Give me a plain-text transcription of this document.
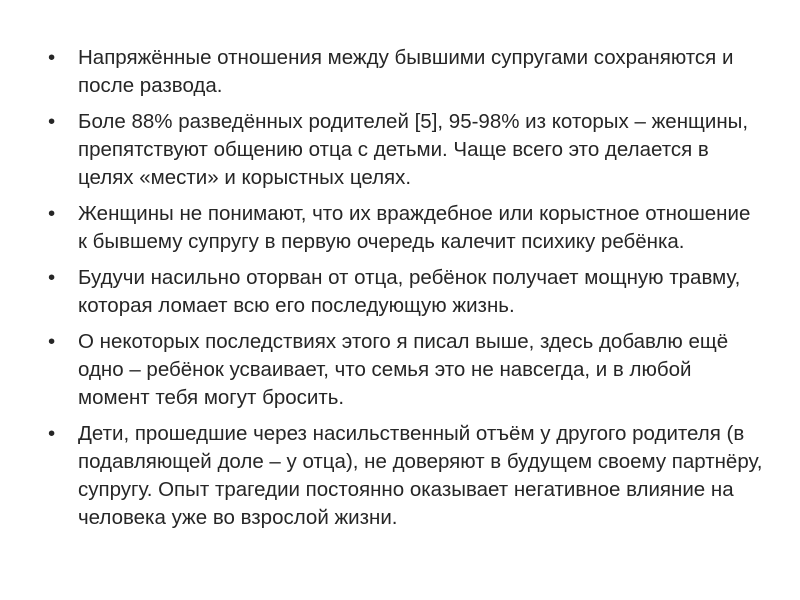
•	Напряжённые отношения между бывшими супругами сохраняются и после развода.
•	Боле 88% разведённых родителей [5], 95-98% из которых – женщины, препятствуют общению отца с детьми. Чаще всего это делается в целях «мести» и корыстных целях.
•	Женщины не понимают, что их враждебное или корыстное отношение к бывшему супругу в первую очередь калечит психику ребёнка.
•	Будучи насильно оторван от отца, ребёнок получает мощную травму, которая ломает всю его последующую жизнь.
•	О некоторых последствиях этого я писал выше, здесь добавлю ещё одно – ребёнок усваивает, что семья это не навсегда, и в любой момент тебя могут бросить.
•	Дети, прошедшие через насильственный отъём у другого родителя (в подавляющей доле – у отца), не доверяют в будущем своему партнёру, супругу. Опыт трагедии постоянно оказывает негативное влияние на человека уже во взрослой жизни.
